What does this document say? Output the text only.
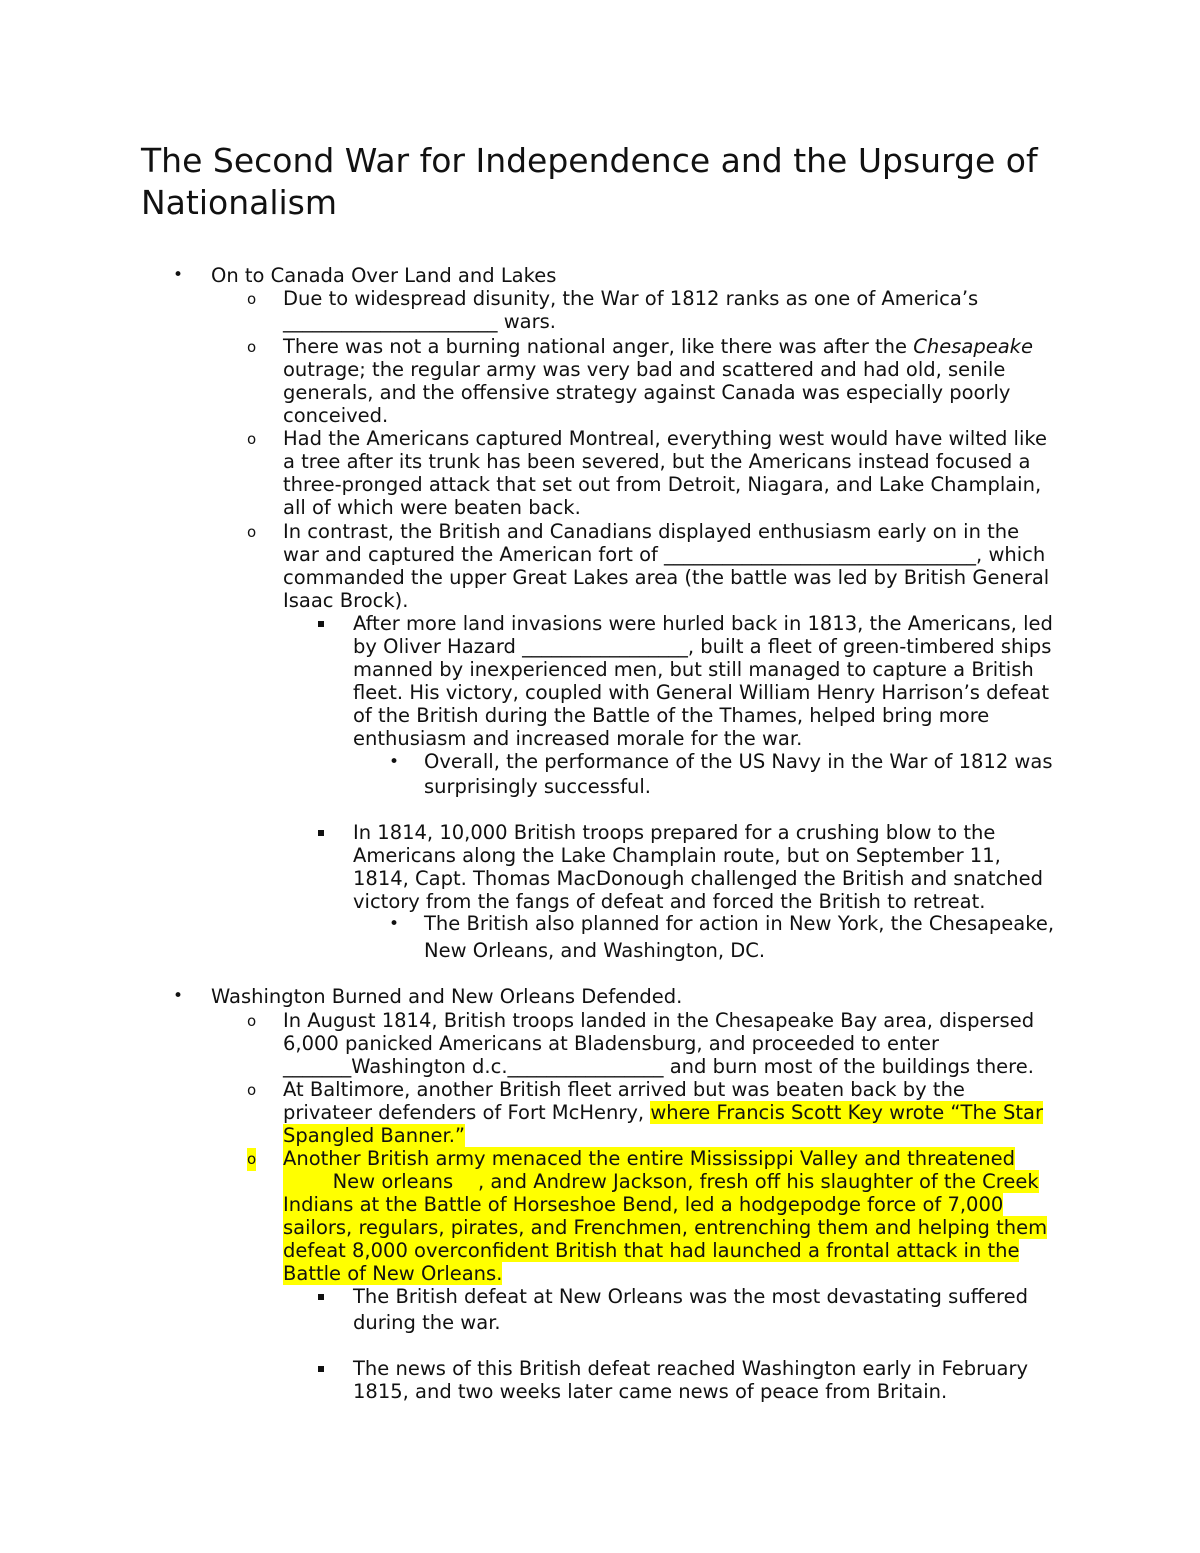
The Second War for Independence and the Upsurge of Nationalism
• On to Canada Over Land and Lakes
o Due to widespread disunity, the War of 1812 ranks as one of America’s
______________________ wars.
o There was not a burning national anger, like there was after the Chesapeake
outrage; the regular army was very bad and scattered and had old, senile
generals, and the offensive strategy against Canada was especially poorly
conceived.
o Had the Americans captured Montreal, everything west would have wilted like
a tree after its trunk has been severed, but the Americans instead focused a
three-pronged attack that set out from Detroit, Niagara, and Lake Champlain,
all of which were beaten back.
o In contrast, the British and Canadians displayed enthusiasm early on in the
war and captured the American fort of ________________________________, which
commanded the upper Great Lakes area (the battle was led by British General
Isaac Brock).
After more land invasions were hurled back in 1813, the Americans, led
by Oliver Hazard _________________, built a fleet of green-timbered ships
manned by inexperienced men, but still managed to capture a British
fleet. His victory, coupled with General William Henry Harrison’s defeat
of the British during the Battle of the Thames, helped bring more
enthusiasm and increased morale for the war.
• Overall, the performance of the US Navy in the War of 1812 was
surprisingly successful.
In 1814, 10,000 British troops prepared for a crushing blow to the
Americans along the Lake Champlain route, but on September 11,
1814, Capt. Thomas MacDonough challenged the British and snatched
victory from the fangs of defeat and forced the British to retreat.
• The British also planned for action in New York, the Chesapeake,
New Orleans, and Washington, DC.
• Washington Burned and New Orleans Defended.
o In August 1814, British troops landed in the Chesapeake Bay area, dispersed
6,000 panicked Americans at Bladensburg, and proceeded to enter
_______Washington d.c.________________ and burn most of the buildings there.
o At Baltimore, another British fleet arrived but was beaten back by the
privateer defenders of Fort McHenry, where Francis Scott Key wrote “The Star
Spangled Banner.”
o Another British army menaced the entire Mississippi Valley and threatened
New orleans    , and Andrew Jackson, fresh off his slaughter of the Creek
Indians at the Battle of Horseshoe Bend, led a hodgepodge force of 7,000
sailors, regulars, pirates, and Frenchmen, entrenching them and helping them
defeat 8,000 overconfident British that had launched a frontal attack in the
Battle of New Orleans.
The British defeat at New Orleans was the most devastating suffered
during the war.
The news of this British defeat reached Washington early in February
1815, and two weeks later came news of peace from Britain.
